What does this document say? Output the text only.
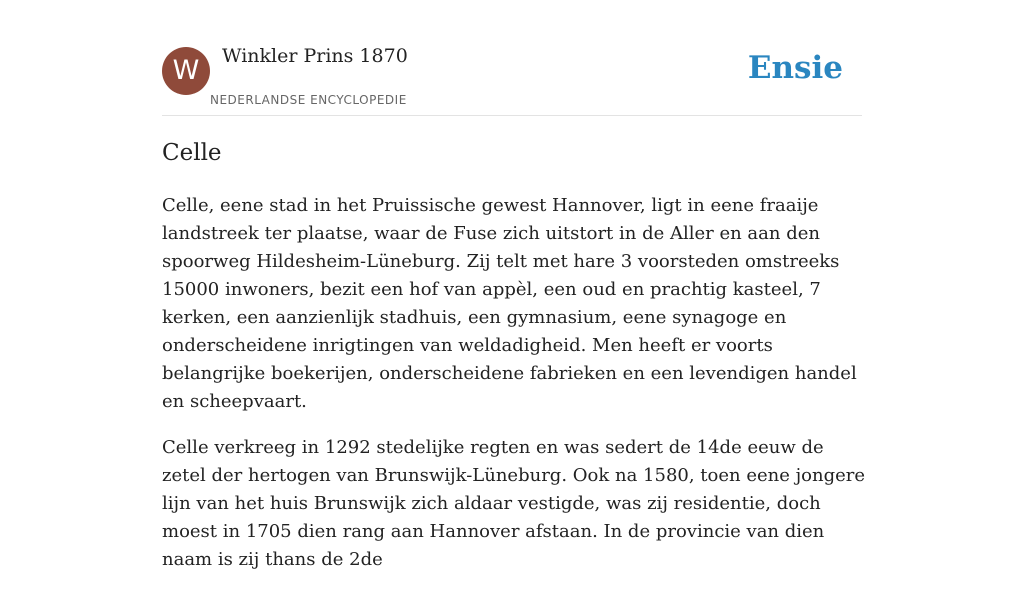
W	Winkler Prins 1870
NEDERLANDSE ENCYCLOPEDIE
Ensie
Celle

Celle, eene stad in het Pruissische gewest Hannover, ligt in eene fraaije landstreek ter plaatse, waar de Fuse zich uitstort in de Aller en aan den spoorweg Hildesheim-Lüneburg. Zij telt met hare 3 voorsteden omstreeks 15000 inwoners, bezit een hof van appèl, een oud en prachtig kasteel, 7 kerken, een aanzienlijk stadhuis, een gymnasium, eene synagoge en onderscheidene inrigtingen van weldadigheid. Men heeft er voorts belangrijke boekerijen, onderscheidene fabrieken en een levendigen handel en scheepvaart.

Celle verkreeg in 1292 stedelijke regten en was sedert de 14de eeuw de zetel der hertogen van Brunswijk-Lüneburg. Ook na 1580, toen eene jongere lijn van het huis Brunswijk zich aldaar vestigde, was zij residentie, doch moest in 1705 dien rang aan Hannover afstaan. In de provincie van dien naam is zij thans de 2de
